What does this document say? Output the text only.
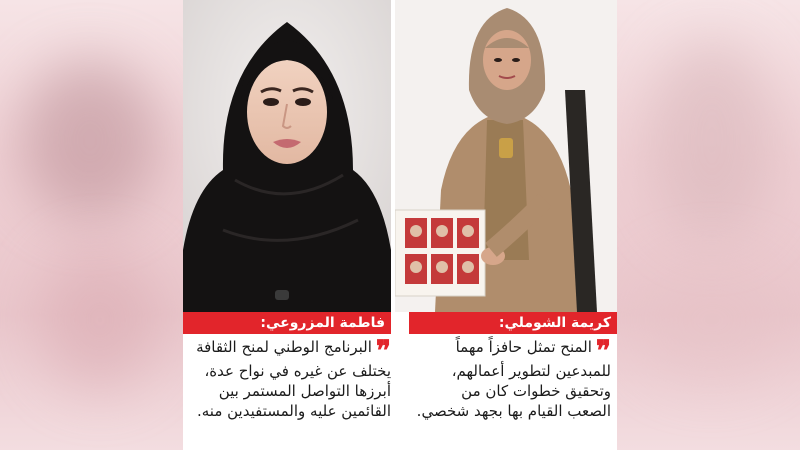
فاطمة المزروعي:	كريمة الشوملي:
❞البرنامج الوطني لمنح الثقافة يختلف عن غيره في نواح عدة، أبرزها التواصل المستمر بين القائمين عليه والمستفيدين منه.
❞المنح تمثل حافزاً مهماً للمبدعين لتطوير أعمالهم، وتحقيق خطوات كان من الصعب القيام بها بجهد شخصي.
